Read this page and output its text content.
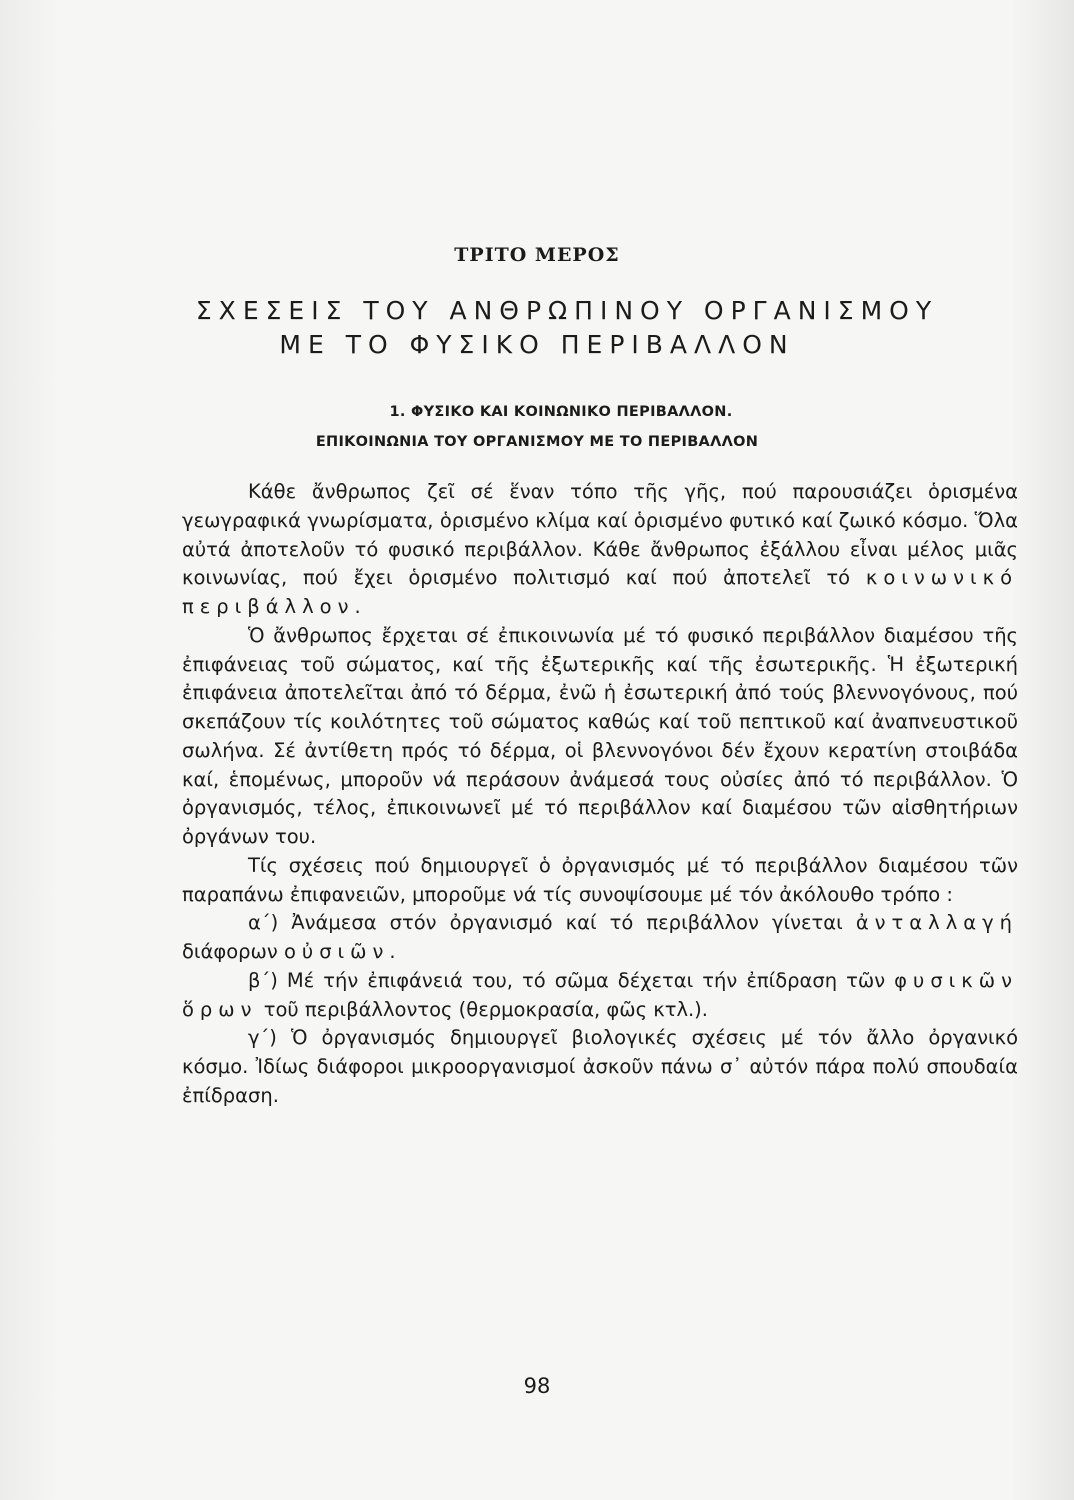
ΤΡΙΤΟ ΜΕΡΟΣ
ΣΧΕΣΕΙΣ ΤΟΥ ΑΝΘΡΩΠΙΝΟΥ ΟΡΓΑΝΙΣΜΟΥ
ΜΕ ΤΟ ΦΥΣΙΚΟ ΠΕΡΙΒΑΛΛΟΝ
1. ΦΥΣΙΚΟ ΚΑΙ ΚΟΙΝΩΝΙΚΟ ΠΕΡΙΒΑΛΛΟΝ.
ΕΠΙΚΟΙΝΩΝΙΑ ΤΟΥ ΟΡΓΑΝΙΣΜΟΥ ΜΕ ΤΟ ΠΕΡΙΒΑΛΛΟΝ

Κάθε ἄνθρωπος ζεῖ σέ ἕναν τόπο τῆς γῆς, πού παρουσιάζει ὁρισμένα γεωγραφικά γνωρίσματα, ὁρισμένο κλίμα καί ὁρισμένο φυτικό καί ζωικό κόσμο. Ὅλα αὐτά ἀποτελοῦν τό φυσικό περιβάλλον. Κάθε ἄνθρωπος ἐξάλλου εἶναι μέλος μιᾶς κοινωνίας, πού ἔχει ὁρισμένο πολιτισμό καί πού ἀποτελεῖ τό κοινωνικό περιβάλλον.

Ὁ ἄνθρωπος ἔρχεται σέ ἐπικοινωνία μέ τό φυσικό περιβάλλον διαμέσου τῆς ἐπιφάνειας τοῦ σώματος, καί τῆς ἐξωτερικῆς καί τῆς ἐσωτερικῆς. Ἡ ἐξωτερική ἐπιφάνεια ἀποτελεῖται ἀπό τό δέρμα, ἐνῶ ἡ ἐσωτερική ἀπό τούς βλεννογόνους, πού σκεπάζουν τίς κοιλότητες τοῦ σώματος καθώς καί τοῦ πεπτικοῦ καί ἀναπνευστικοῦ σωλήνα. Σέ ἀντίθετη πρός τό δέρμα, οἱ βλεννογόνοι δέν ἔχουν κερατίνη στοιβάδα καί, ἑπομένως, μποροῦν νά περάσουν ἀνάμεσά τους οὐσίες ἀπό τό περιβάλλον. Ὁ ὀργανισμός, τέλος, ἐπικοινωνεῖ μέ τό περιβάλλον καί διαμέσου τῶν αἰσθητήριων ὀργάνων του.

Τίς σχέσεις πού δημιουργεῖ ὁ ὀργανισμός μέ τό περιβάλλον διαμέσου τῶν παραπάνω ἐπιφανειῶν, μποροῦμε νά τίς συνοψίσουμε μέ τόν ἀκόλουθο τρόπο :

α΄) Ἀνάμεσα στόν ὀργανισμό καί τό περιβάλλον γίνεται ἀνταλλαγή διάφορων οὐσιῶν.

β΄) Μέ τήν ἐπιφάνειά του, τό σῶμα δέχεται τήν ἐπίδραση τῶν φυσικῶν ὅρων τοῦ περιβάλλοντος (θερμοκρασία, φῶς κτλ.).

γ΄) Ὁ ὀργανισμός δημιουργεῖ βιολογικές σχέσεις μέ τόν ἄλλο ὀργανικό κόσμο. Ἰδίως διάφοροι μικροοργανισμοί ἀσκοῦν πάνω σ᾽ αὐτόν πάρα πολύ σπουδαία ἐπίδραση.

98
